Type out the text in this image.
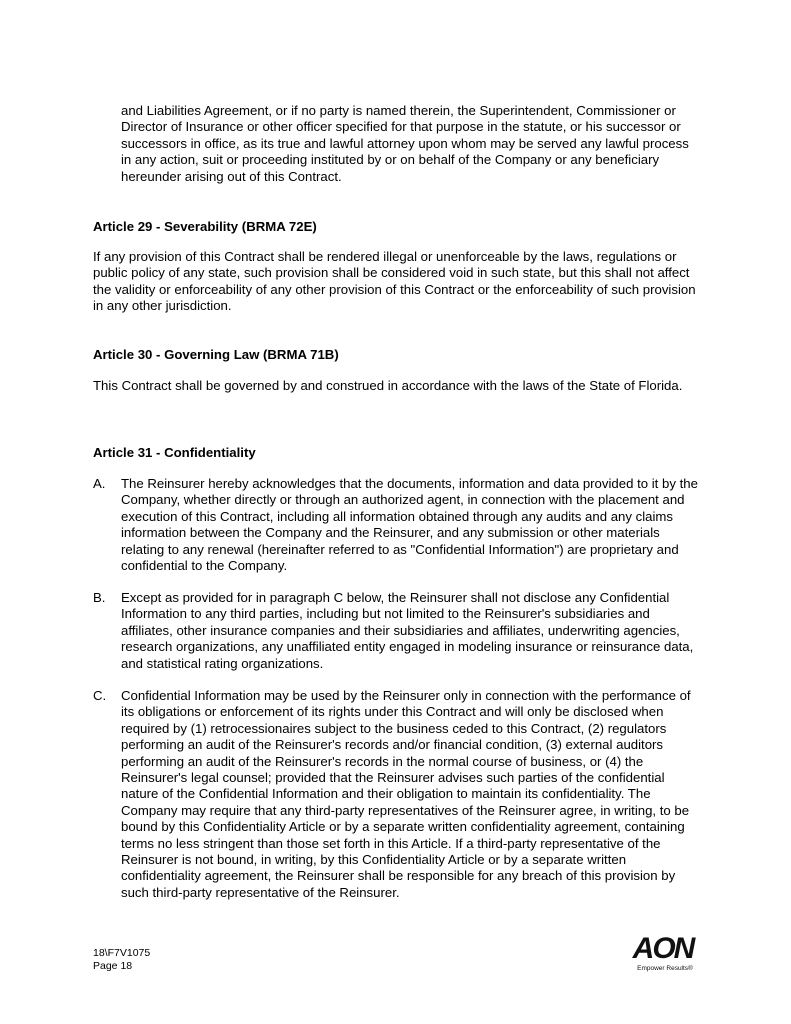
and Liabilities Agreement, or if no party is named therein, the Superintendent, Commissioner or Director of Insurance or other officer specified for that purpose in the statute, or his successor or successors in office, as its true and lawful attorney upon whom may be served any lawful process in any action, suit or proceeding instituted by or on behalf of the Company or any beneficiary hereunder arising out of this Contract.

Article 29 - Severability (BRMA 72E)

If any provision of this Contract shall be rendered illegal or unenforceable by the laws, regulations or public policy of any state, such provision shall be considered void in such state, but this shall not affect the validity or enforceability of any other provision of this Contract or the enforceability of such provision in any other jurisdiction.

Article 30 - Governing Law (BRMA 71B)

This Contract shall be governed by and construed in accordance with the laws of the State of Florida.

Article 31 - Confidentiality

A. The Reinsurer hereby acknowledges that the documents, information and data provided to it by the Company, whether directly or through an authorized agent, in connection with the placement and execution of this Contract, including all information obtained through any audits and any claims information between the Company and the Reinsurer, and any submission or other materials relating to any renewal (hereinafter referred to as "Confidential Information") are proprietary and confidential to the Company.

B. Except as provided for in paragraph C below, the Reinsurer shall not disclose any Confidential Information to any third parties, including but not limited to the Reinsurer's subsidiaries and affiliates, other insurance companies and their subsidiaries and affiliates, underwriting agencies, research organizations, any unaffiliated entity engaged in modeling insurance or reinsurance data, and statistical rating organizations.

C. Confidential Information may be used by the Reinsurer only in connection with the performance of its obligations or enforcement of its rights under this Contract and will only be disclosed when required by (1) retrocessionaires subject to the business ceded to this Contract, (2) regulators performing an audit of the Reinsurer's records and/or financial condition, (3) external auditors performing an audit of the Reinsurer's records in the normal course of business, or (4) the Reinsurer's legal counsel; provided that the Reinsurer advises such parties of the confidential nature of the Confidential Information and their obligation to maintain its confidentiality. The Company may require that any third-party representatives of the Reinsurer agree, in writing, to be bound by this Confidentiality Article or by a separate written confidentiality agreement, containing terms no less stringent than those set forth in this Article. If a third-party representative of the Reinsurer is not bound, in writing, by this Confidentiality Article or by a separate written confidentiality agreement, the Reinsurer shall be responsible for any breach of this provision by such third-party representative of the Reinsurer.

18\F7V1075
Page 18
AON
Empower Results®
